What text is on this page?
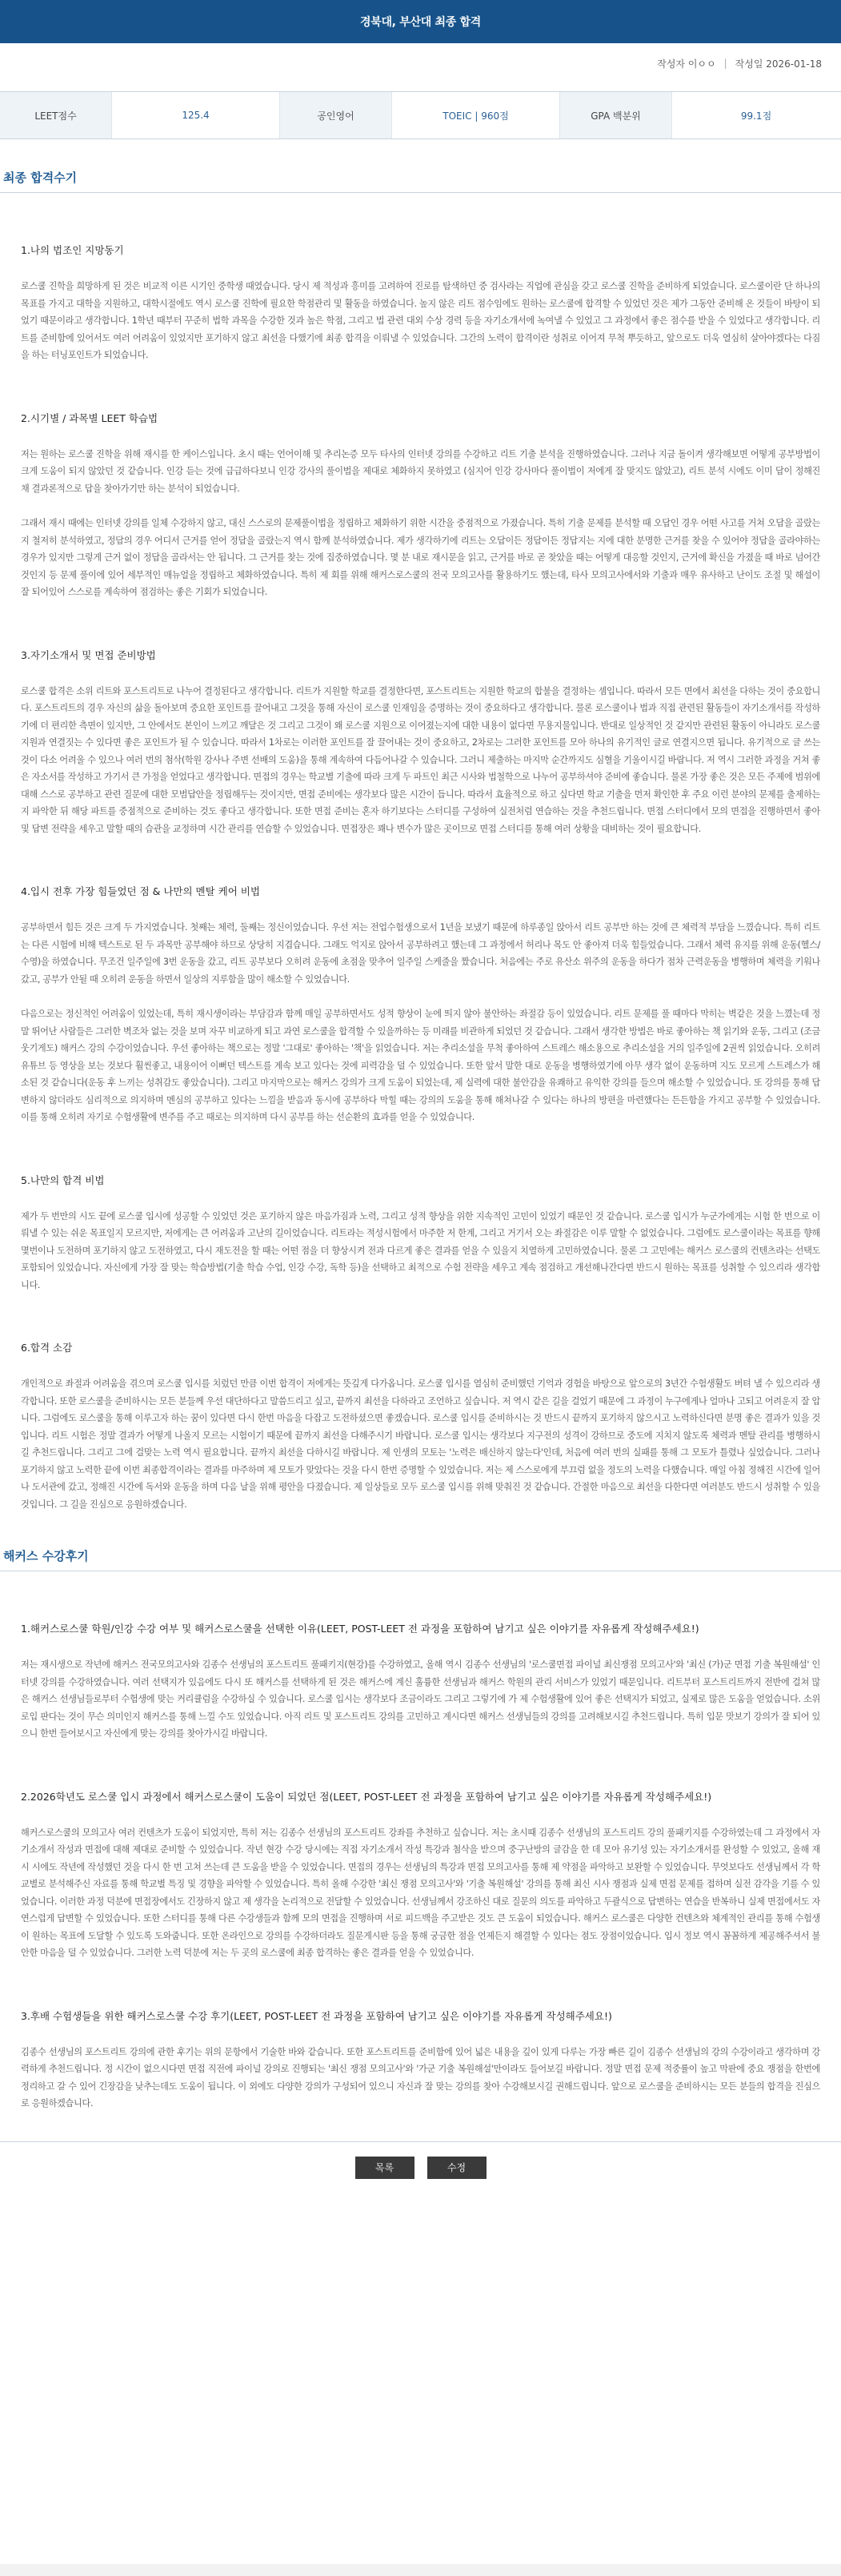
경북대, 부산대 최종 합격
작성자 이ㅇㅇ | 작성일 2026-01-18
LEET점수	125.4	공인영어	TOEIC | 960점	GPA 백분위	99.1점
최종 합격수기
1.나의 법조인 지망동기

로스쿨 진학을 희망하게 된 것은 비교적 이른 시기인 중학생 때였습니다. 당시 제 적성과 흥미를 고려하여 진로를 탐색하던 중 검사라는 직업에 관심을 갖고 로스쿨 진학을 준비하게 되었습니다. 로스쿨이란 단 하나의 목표를 가지고 대학을 지원하고, 대학시절에도 역시 로스쿨 진학에 필요한 학점관리 및 활동을 하였습니다. 높지 않은 리트 점수임에도 원하는 로스쿨에 합격할 수 있었던 것은 제가 그동안 준비해 온 것들이 바탕이 되었기 때문이라고 생각합니다. 1학년 때부터 꾸준히 법학 과목을 수강한 것과 높은 학점, 그리고 법 관련 대외 수상 경력 등을 자기소개서에 녹여낼 수 있었고 그 과정에서 좋은 점수를 받을 수 있었다고 생각합니다. 리트를 준비함에 있어서도 여러 어려움이 있었지만 포기하지 않고 최선을 다했기에 최종 합격을 이뤄낼 수 있었습니다. 그간의 노력이 합격이란 성취로 이어져 무척 뿌듯하고, 앞으로도 더욱 열심히 살아야겠다는 다짐을 하는 터닝포인트가 되었습니다.

2.시기별 / 과목별 LEET 학습법

저는 원하는 로스쿨 진학을 위해 재시를 한 케이스입니다. 초시 때는 언어이해 및 추리논증 모두 타사의 인터넷 강의를 수강하고 리트 기출 분석을 진행하였습니다. 그러나 지금 돌이켜 생각해보면 어떻게 공부방법이 크게 도움이 되지 않았던 것 같습니다. 인강 듣는 것에 급급하다보니 인강 강사의 풀이법을 제대로 체화하지 못하였고 (심지어 인강 강사마다 풀이법이 저에게 잘 맞지도 않았고), 리트 분석 시에도 이미 답이 정해진 채 결과론적으로 답을 찾아가기만 하는 분석이 되었습니다.

그래서 재시 때에는 인터넷 강의를 일체 수강하지 않고, 대신 스스로의 문제풀이법을 정립하고 체화하기 위한 시간을 중점적으로 가졌습니다. 특히 기출 문제를 분석할 때 오답인 경우 어떤 사고를 거쳐 오답을 골랐는지 철저히 분석하였고, 정답의 경우 어디서 근거를 얻어 정답을 골랐는지 역시 함께 분석하였습니다. 제가 생각하기에 리트는 오답이든 정답이든 정답지는 지에 대한 분명한 근거를 찾을 수 있어야 정답을 골라야하는 경우가 있지만 그렇게 근거 없이 정답을 골라서는 안 됩니다. 그 근거를 찾는 것에 집중하였습니다. 몇 분 내로 재시문을 읽고, 근거를 바로 곧 찾았을 때는 어떻게 대응할 것인지, 근거에 확신을 가졌을 때 바로 넘어간 것인지 등 문제 풀이에 있어 세부적인 매뉴얼을 정립하고 체화하였습니다. 특히 제 회를 위해 해커스로스쿨의 전국 모의고사를 활용하기도 했는데, 타사 모의고사에서와 기출과 매우 유사하고 난이도 조절 및 해설이 잘 되어있어 스스로를 계속하여 점검하는 좋은 기회가 되었습니다.

3.자기소개서 및 면접 준비방법

로스쿨 합격은 소위 리트와 포스트리트로 나누어 결정된다고 생각합니다. 리트가 지원할 학교를 결정한다면, 포스트리트는 지원한 학교의 합불을 결정하는 셈입니다. 따라서 모든 면에서 최선을 다하는 것이 중요합니다. 포스트리트의 경우 자신의 삶을 돌아보며 중요한 포인트를 끌어내고 그것을 통해 자신이 로스쿨 인재임을 증명하는 것이 중요하다고 생각합니다. 물론 로스쿨이나 법과 직접 관련된 활동들이 자기소개서를 작성하기에 더 편리한 측면이 있지만, 그 안에서도 본인이 느끼고 깨달은 것 그리고 그것이 왜 로스쿨 지원으로 이어졌는지에 대한 내용이 없다면 무용지물입니다. 반대로 일상적인 것 같지만 관련된 활동이 아니라도 로스쿨 지원과 연결짓는 수 있다면 좋은 포인트가 될 수 있습니다. 따라서 1차로는 이러한 포인트를 잘 끌어내는 것이 중요하고, 2차로는 그러한 포인트를 모아 하나의 유기적인 글로 연결지으면 됩니다. 유기적으로 글 쓰는 것이 다소 어려울 수 있으나 여러 번의 첨삭(학원 강사나 주변 선배의 도움)을 통해 계속하여 다듬어나갈 수 있습니다. 그러니 제출하는 마지막 순간까지도 심혈을 기울이시길 바랍니다. 저 역시 그러한 과정을 거쳐 좋은 자소서를 작성하고 가기서 큰 가정을 얻었다고 생각합니다. 면접의 경우는 학교별 기출에 따라 크게 두 파트인 최근 시사와 법철학으로 나누어 공부하셔야 준비에 좋습니다. 물론 가장 좋은 것은 모든 주제에 범위에 대해 스스로 공부하고 관련 질문에 대한 모범답안을 정립해두는 것이지만, 면접 준비에는 생각보다 많은 시간이 듭니다. 따라서 효율적으로 하고 싶다면 학교 기출을 먼저 확인한 후 주요 이런 분야의 문제를 출제하는지 파악한 뒤 해당 파트를 중점적으로 준비하는 것도 좋다고 생각합니다. 또한 면접 준비는 혼자 하기보다는 스터디를 구성하여 실전처럼 연습하는 것을 추천드립니다. 면접 스터디에서 모의 면접을 진행하면서 좋아 및 답변 전략을 세우고 말할 때의 습관을 교정하며 시간 관리를 연습할 수 있었습니다. 면접장은 꽤나 변수가 많은 곳이므로 면접 스터디를 통해 여러 상황을 대비하는 것이 필요합니다.

4.입시 전후 가장 힘들었던 점 & 나만의 멘탈 케어 비법

공부하면서 힘든 것은 크게 두 가지였습니다. 첫째는 체력, 둘째는 정신이었습니다. 우선 저는 전업수험생으로서 1년을 보냈기 때문에 하루종일 앉아서 리트 공부만 하는 것에 큰 체력적 부담을 느꼈습니다. 특히 리트는 다른 시험에 비해 텍스트로 된 두 과목만 공부해야 하므로 상당히 지겹습니다. 그래도 억지로 앉아서 공부하려고 했는데 그 과정에서 허리나 목도 안 좋아져 더욱 힘들었습니다. 그래서 체력 유지를 위해 운동(헬스/수영)을 하였습니다. 무조건 일주일에 3번 운동을 갔고, 리트 공부보다 오히려 운동에 초점을 맞추어 일주일 스케줄을 짰습니다. 처음에는 주로 유산소 위주의 운동을 하다가 점차 근력운동을 병행하며 체력을 키워나갔고, 공부가 안될 때 오히려 운동을 하면서 일상의 지루함을 많이 해소할 수 있었습니다.

다음으로는 정신적인 어려움이 있었는데, 특히 재시생이라는 부담감과 함께 매일 공부하면서도 성적 향상이 눈에 띄지 않아 불안하는 좌절감 등이 있었습니다. 리트 문제를 풀 때마다 막히는 벽같은 것을 느꼈는데 정말 뛰어난 사람들은 그러한 벽조차 없는 것을 보며 자꾸 비교하게 되고 과연 로스쿨을 합격할 수 있을까하는 등 미래를 비관하게 되었던 것 같습니다. 그래서 생각한 방법은 바로 좋아하는 책 읽기와 운동, 그리고 (조금 웃기게도) 해커스 강의 수강이었습니다. 우선 좋아하는 책으로는 정말 '그대로' 좋아하는 '책'을 읽었습니다. 저는 추리소설을 무척 좋아하여 스트레스 해소용으로 추리소설을 거의 일주일에 2권씩 읽었습니다. 오히려 유튜브 등 영상을 보는 것보다 훨씬좋고, 내용이어 이뻐던 텍스트를 계속 보고 있다는 것에 피력감을 덜 수 있었습니다. 또한 앞서 말한 대로 운동을 병행하였기에 아무 생각 없이 운동하며 지도 모르게 스트레스가 해소된 것 같습니다(운동 후 느끼는 성취감도 좋았습니다). 그리고 마지막으로는 해커스 강의가 크게 도움이 되었는데, 제 실력에 대한 불안감을 유쾌하고 유익한 강의를 들으며 해소할 수 있었습니다. 또 강의를 통해 답변하지 않더라도 심리적으로 의지하며 멘심의 공부하고 있다는 느낌을 받음과 동시에 공부하다 막힐 때는 강의의 도움을 통해 해쳐나갈 수 있다는 하나의 방편을 마련했다는 든든함을 가지고 공부할 수 있었습니다. 이를 통해 오히려 자기로 수험생활에 변주를 주고 때로는 의지하며 다시 공부를 하는 선순환의 효과를 얻을 수 있었습니다.

5.나만의 합격 비법

제가 두 번만의 시도 끝에 로스쿨 입시에 성공할 수 있었던 것은 포기하지 않은 마음가짐과 노력, 그리고 성적 향상을 위한 지속적인 고민이 있었기 때문인 것 같습니다. 로스쿨 입시가 누군가에게는 시험 한 번으로 이뤄낼 수 있는 쉬운 목표일지 모르지만, 저에게는 큰 어려움과 고난의 길이었습니다. 리트라는 적성시험에서 마주한 저 한계, 그리고 거기서 오는 좌절감은 이루 말할 수 없었습니다. 그럼에도 로스쿨이라는 목표를 향해 몇번이나 도전하며 포기하지 않고 도전하였고, 다시 재도전을 할 때는 어떤 점을 더 향상시켜 전과 다르게 좋은 결과를 얻을 수 있을지 치열하게 고민하였습니다. 물론 그 고민에는 해커스 로스쿨의 컨텐츠라는 선택도 포함되어 있었습니다. 자신에게 가장 잘 맞는 학습방법(기출 학습 수업, 인강 수강, 독학 등)을 선택하고 최적으로 수험 전략을 세우고 계속 점검하고 개선해나간다면 반드시 원하는 목표를 성취할 수 있으리라 생각합니다.

6.합격 소감

개인적으로 좌절과 어려움을 겪으며 로스쿨 입시를 치렀던 만큼 이번 합격이 저에게는 뜻깊게 다가옵니다. 로스쿨 입시를 열심히 준비했던 기억과 경험을 바탕으로 앞으로의 3년간 수험생활도 버텨 낼 수 있으리라 생각합니다. 또한 로스쿨을 준비하시는 모든 분들께 우선 대단하다고 말씀드리고 싶고, 끝까지 최선을 다하라고 조언하고 싶습니다. 저 역시 같은 길을 걸었기 때문에 그 과정이 누구에게나 얼마나 고되고 어려운지 잘 압니다. 그럼에도 로스쿨을 통해 이루고자 하는 꿈이 있다면 다시 한번 마음을 다잡고 도전하셨으면 좋겠습니다. 로스쿨 입시를 준비하시는 것 반드시 끝까지 포기하지 않으시고 노력하신다면 분명 좋은 결과가 있을 것입니다. 리트 시험은 정말 결과가 어떻게 나올지 모르는 시험이기 때문에 끝까지 최선을 다해주시기 바랍니다. 로스쿨 입시는 생각보다 지구전의 성격이 강하므로 중도에 지치지 않도록 체력과 멘탈 관리를 병행하시길 추천드립니다. 그리고 그에 걸맞는 노력 역시 필요합니다. 끝까지 최선을 다하시길 바랍니다. 제 인생의 모토는 '노력은 배신하지 않는다'인데, 처음에 여러 번의 실패를 통해 그 모토가 틀렸나 싶었습니다. 그러나 포기하지 않고 노력한 끝에 이번 최종합격이라는 결과를 마주하며 제 모토가 맞았다는 것을 다시 한번 증명할 수 있었습니다. 저는 제 스스로에게 부끄럼 없을 정도의 노력을 다했습니다. 매일 아침 정해진 시간에 일어나 도서관에 갔고, 정해진 시간에 독서와 운동을 하며 다음 날을 위해 평안을 다졌습니다. 제 일상들로 모두 로스쿨 입시를 위해 맞춰진 것 같습니다. 간절한 마음으로 최선을 다한다면 여러분도 반드시 성취할 수 있을 것입니다. 그 길을 진심으로 응원하겠습니다.

해커스 수강후기
1.해커스로스쿨 학원/인강 수강 여부 및 해커스로스쿨을 선택한 이유(LEET, POST-LEET 전 과정을 포함하여 남기고 싶은 이야기를 자유롭게 작성해주세요!)

저는 재시생으로 작년에 해커스 전국모의고사와 김종수 선생님의 포스트리트 풀패키지(현강)를 수강하였고, 올해 역시 김종수 선생님의 '로스쿨면접 파이널 최신쟁점 모의고사'와 '최신 (가)군 면접 기출 복원해설' 인터넷 강의를 수강하였습니다. 여러 선택지가 있음에도 다시 또 해커스를 선택하게 된 것은 해커스에 계신 훌륭한 선생님과 해커스 학원의 관리 서비스가 있었기 때문입니다. 리트부터 포스트리트까지 전반에 걸쳐 많은 해커스 선생님들로부터 수험생에 맞는 커리큘럼을 수강하실 수 있습니다. 로스쿨 입시는 생각보다 조금이라도 그리고 그렇기에 가 제 수험생활에 있어 좋은 선택지가 되었고, 실제로 많은 도움을 얻었습니다. 소위 로입 판다는 것이 무슨 의미인지 해커스를 통해 느낄 수도 있었습니다. 아직 리트 및 포스트리트 강의를 고민하고 계시다면 해커스 선생님들의 강의를 고려해보시길 추천드립니다. 특히 입문 맛보기 강의가 잘 되어 있으니 한번 들어보시고 자신에게 맞는 강의를 찾아가시길 바랍니다.

2.2026학년도 로스쿨 입시 과정에서 해커스로스쿨이 도움이 되었던 점(LEET, POST-LEET 전 과정을 포함하여 남기고 싶은 이야기를 자유롭게 작성해주세요!)

해커스로스쿨의 모의고사 여러 컨텐츠가 도움이 되었지만, 특히 저는 김종수 선생님의 포스트리트 강좌를 추천하고 싶습니다. 저는 초시때 김종수 선생님의 포스트리트 강의 풀패키지를 수강하였는데 그 과정에서 자기소개서 작성과 면접에 대해 제대로 준비할 수 있었습니다. 작년 현강 수강 당시에는 직접 자기소개서 작성 특강과 첨삭을 받으며 중구난방의 글감을 한 데 모아 유기성 있는 자기소개서를 완성할 수 있었고, 올해 재시 시에도 작년에 작성했던 것을 다시 한 번 고쳐 쓰는데 큰 도움을 받을 수 있었습니다. 면접의 경우는 선생님의 특강과 면접 모의고사를 통해 제 약점을 파악하고 보완할 수 있었습니다. 무엇보다도 선생님께서 각 학교별로 분석해주신 자료를 통해 학교별 특징 및 경향을 파악할 수 있었습니다. 특히 올해 수강한 '최신 쟁점 모의고사'와 '기출 복원해설' 강의를 통해 최신 시사 쟁점과 실제 면접 문제를 접하며 실전 감각을 기를 수 있었습니다. 이러한 과정 덕분에 면접장에서도 긴장하지 않고 제 생각을 논리적으로 전달할 수 있었습니다. 선생님께서 강조하신 대로 질문의 의도를 파악하고 두괄식으로 답변하는 연습을 반복하니 실제 면접에서도 자연스럽게 답변할 수 있었습니다. 또한 스터디를 통해 다른 수강생들과 함께 모의 면접을 진행하며 서로 피드백을 주고받은 것도 큰 도움이 되었습니다. 해커스 로스쿨은 다양한 컨텐츠와 체계적인 관리를 통해 수험생이 원하는 목표에 도달할 수 있도록 도와줍니다. 또한 온라인으로 강의를 수강하더라도 질문게시판 등을 통해 궁금한 점을 언제든지 해결할 수 있다는 점도 장점이었습니다. 입시 정보 역시 꼼꼼하게 제공해주셔서 불안한 마음을 덜 수 있었습니다. 그러한 노력 덕분에 저는 두 곳의 로스쿨에 최종 합격하는 좋은 결과를 얻을 수 있었습니다.

3.후배 수험생들을 위한 해커스로스쿨 수강 후기(LEET, POST-LEET 전 과정을 포함하여 남기고 싶은 이야기를 자유롭게 작성해주세요!)

김종수 선생님의 포스트리트 강의에 관한 후기는 위의 문항에서 기술한 바와 같습니다. 또한 포스트리트를 준비함에 있어 넓은 내용을 깊이 있게 다루는 가장 빠른 길이 김종수 선생님의 강의 수강이라고 생각하며 강력하게 추천드립니다. 정 시간이 없으시다면 면접 직전에 파이널 강의로 진행되는 '최신 쟁점 모의고사'와 '가군 기출 복원해설'만이라도 들어보길 바랍니다. 정말 면접 문제 적중률이 높고 막판에 중요 쟁점을 한번에 정리하고 갈 수 있어 긴장감을 낮추는데도 도움이 됩니다. 이 외에도 다양한 강의가 구성되어 있으니 자신과 잘 맞는 강의를 찾아 수강해보시길 권해드립니다. 앞으로 로스쿨을 준비하시는 모든 분들의 합격을 진심으로 응원하겠습니다.

목록	수정
